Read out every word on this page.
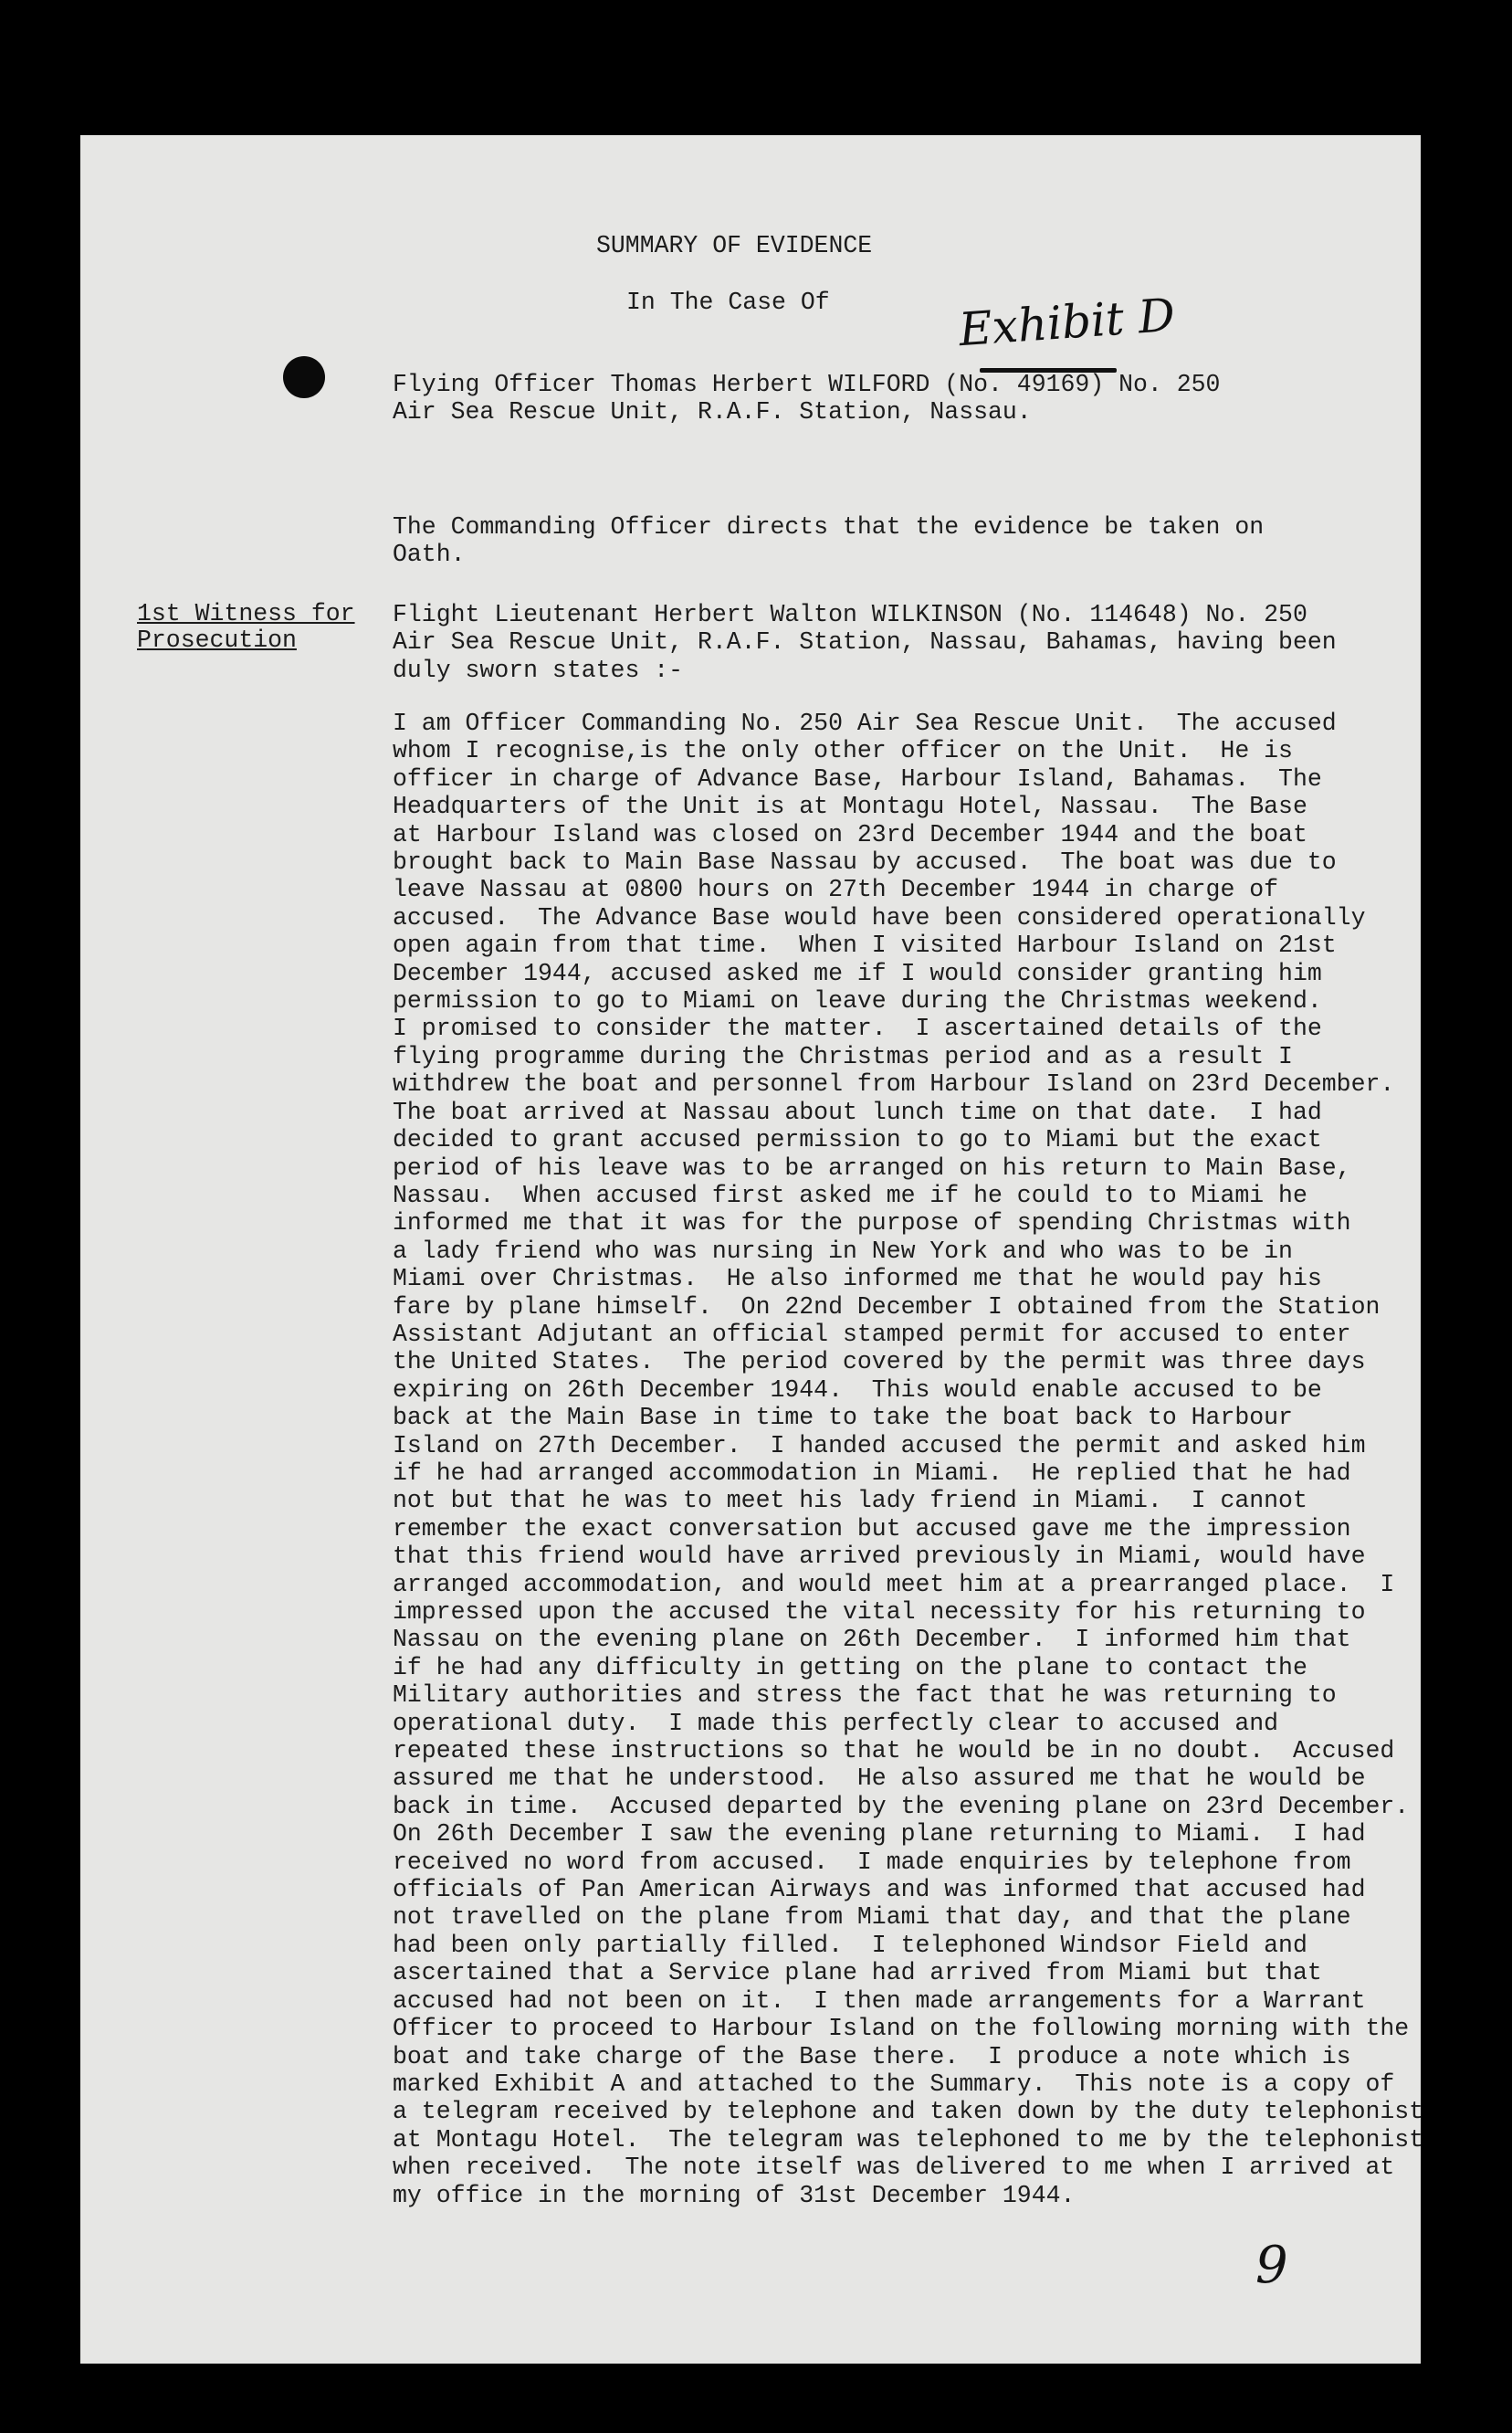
Exhibit D
SUMMARY OF EVIDENCE
In The Case Of

Flying Officer Thomas Herbert WILFORD (No. 49169) No. 250
Air Sea Rescue Unit, R.A.F. Station, Nassau.

The Commanding Officer directs that the evidence be taken on
Oath.

1st Witness for
Prosecution

Flight Lieutenant Herbert Walton WILKINSON (No. 114648) No. 250
Air Sea Rescue Unit, R.A.F. Station, Nassau, Bahamas, having been
duly sworn states :-

I am Officer Commanding No. 250 Air Sea Rescue Unit.  The accused
whom I recognise,is the only other officer on the Unit.  He is
officer in charge of Advance Base, Harbour Island, Bahamas.  The
Headquarters of the Unit is at Montagu Hotel, Nassau.  The Base
at Harbour Island was closed on 23rd December 1944 and the boat
brought back to Main Base Nassau by accused.  The boat was due to
leave Nassau at 0800 hours on 27th December 1944 in charge of
accused.  The Advance Base would have been considered operationally
open again from that time.  When I visited Harbour Island on 21st
December 1944, accused asked me if I would consider granting him
permission to go to Miami on leave during the Christmas weekend.
I promised to consider the matter.  I ascertained details of the
flying programme during the Christmas period and as a result I
withdrew the boat and personnel from Harbour Island on 23rd December.
The boat arrived at Nassau about lunch time on that date.  I had
decided to grant accused permission to go to Miami but the exact
period of his leave was to be arranged on his return to Main Base,
Nassau.  When accused first asked me if he could to to Miami he
informed me that it was for the purpose of spending Christmas with
a lady friend who was nursing in New York and who was to be in
Miami over Christmas.  He also informed me that he would pay his
fare by plane himself.  On 22nd December I obtained from the Station
Assistant Adjutant an official stamped permit for accused to enter
the United States.  The period covered by the permit was three days
expiring on 26th December 1944.  This would enable accused to be
back at the Main Base in time to take the boat back to Harbour
Island on 27th December.  I handed accused the permit and asked him
if he had arranged accommodation in Miami.  He replied that he had
not but that he was to meet his lady friend in Miami.  I cannot
remember the exact conversation but accused gave me the impression
that this friend would have arrived previously in Miami, would have
arranged accommodation, and would meet him at a prearranged place.  I
impressed upon the accused the vital necessity for his returning to
Nassau on the evening plane on 26th December.  I informed him that
if he had any difficulty in getting on the plane to contact the
Military authorities and stress the fact that he was returning to
operational duty.  I made this perfectly clear to accused and
repeated these instructions so that he would be in no doubt.  Accused
assured me that he understood.  He also assured me that he would be
back in time.  Accused departed by the evening plane on 23rd December.
On 26th December I saw the evening plane returning to Miami.  I had
received no word from accused.  I made enquiries by telephone from
officials of Pan American Airways and was informed that accused had
not travelled on the plane from Miami that day, and that the plane
had been only partially filled.  I telephoned Windsor Field and
ascertained that a Service plane had arrived from Miami but that
accused had not been on it.  I then made arrangements for a Warrant
Officer to proceed to Harbour Island on the following morning with the
boat and take charge of the Base there.  I produce a note which is
marked Exhibit A and attached to the Summary.  This note is a copy of
a telegram received by telephone and taken down by the duty telephonist
at Montagu Hotel.  The telegram was telephoned to me by the telephonist
when received.  The note itself was delivered to me when I arrived at
my office in the morning of 31st December 1944.

9
